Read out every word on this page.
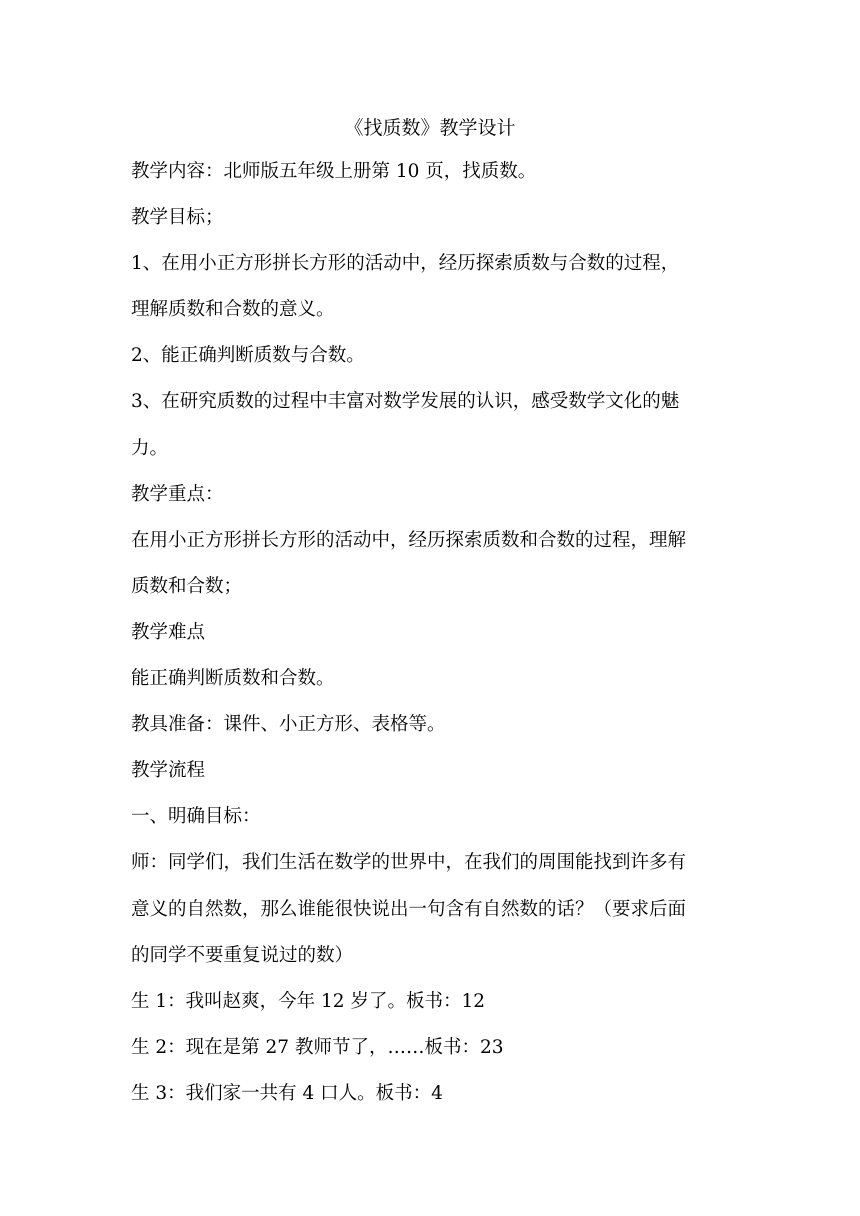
《找质数》教学设计
教学内容：北师版五年级上册第 10 页，找质数。
教学目标；
1、在用小正方形拼长方形的活动中，经历探索质数与合数的过程，
理解质数和合数的意义。
2、能正确判断质数与合数。
3、在研究质数的过程中丰富对数学发展的认识，感受数学文化的魅
力。
教学重点：
在用小正方形拼长方形的活动中，经历探索质数和合数的过程，理解
质数和合数；
教学难点
能正确判断质数和合数。
教具准备：课件、小正方形、表格等。
教学流程
一、明确目标：
师：同学们，我们生活在数学的世界中，在我们的周围能找到许多有
意义的自然数，那么谁能很快说出一句含有自然数的话？（要求后面
的同学不要重复说过的数）
生 1：我叫赵爽，今年 12 岁了。板书：12
生 2：现在是第 27 教师节了，……板书：23
生 3：我们家一共有 4 口人。板书：4
